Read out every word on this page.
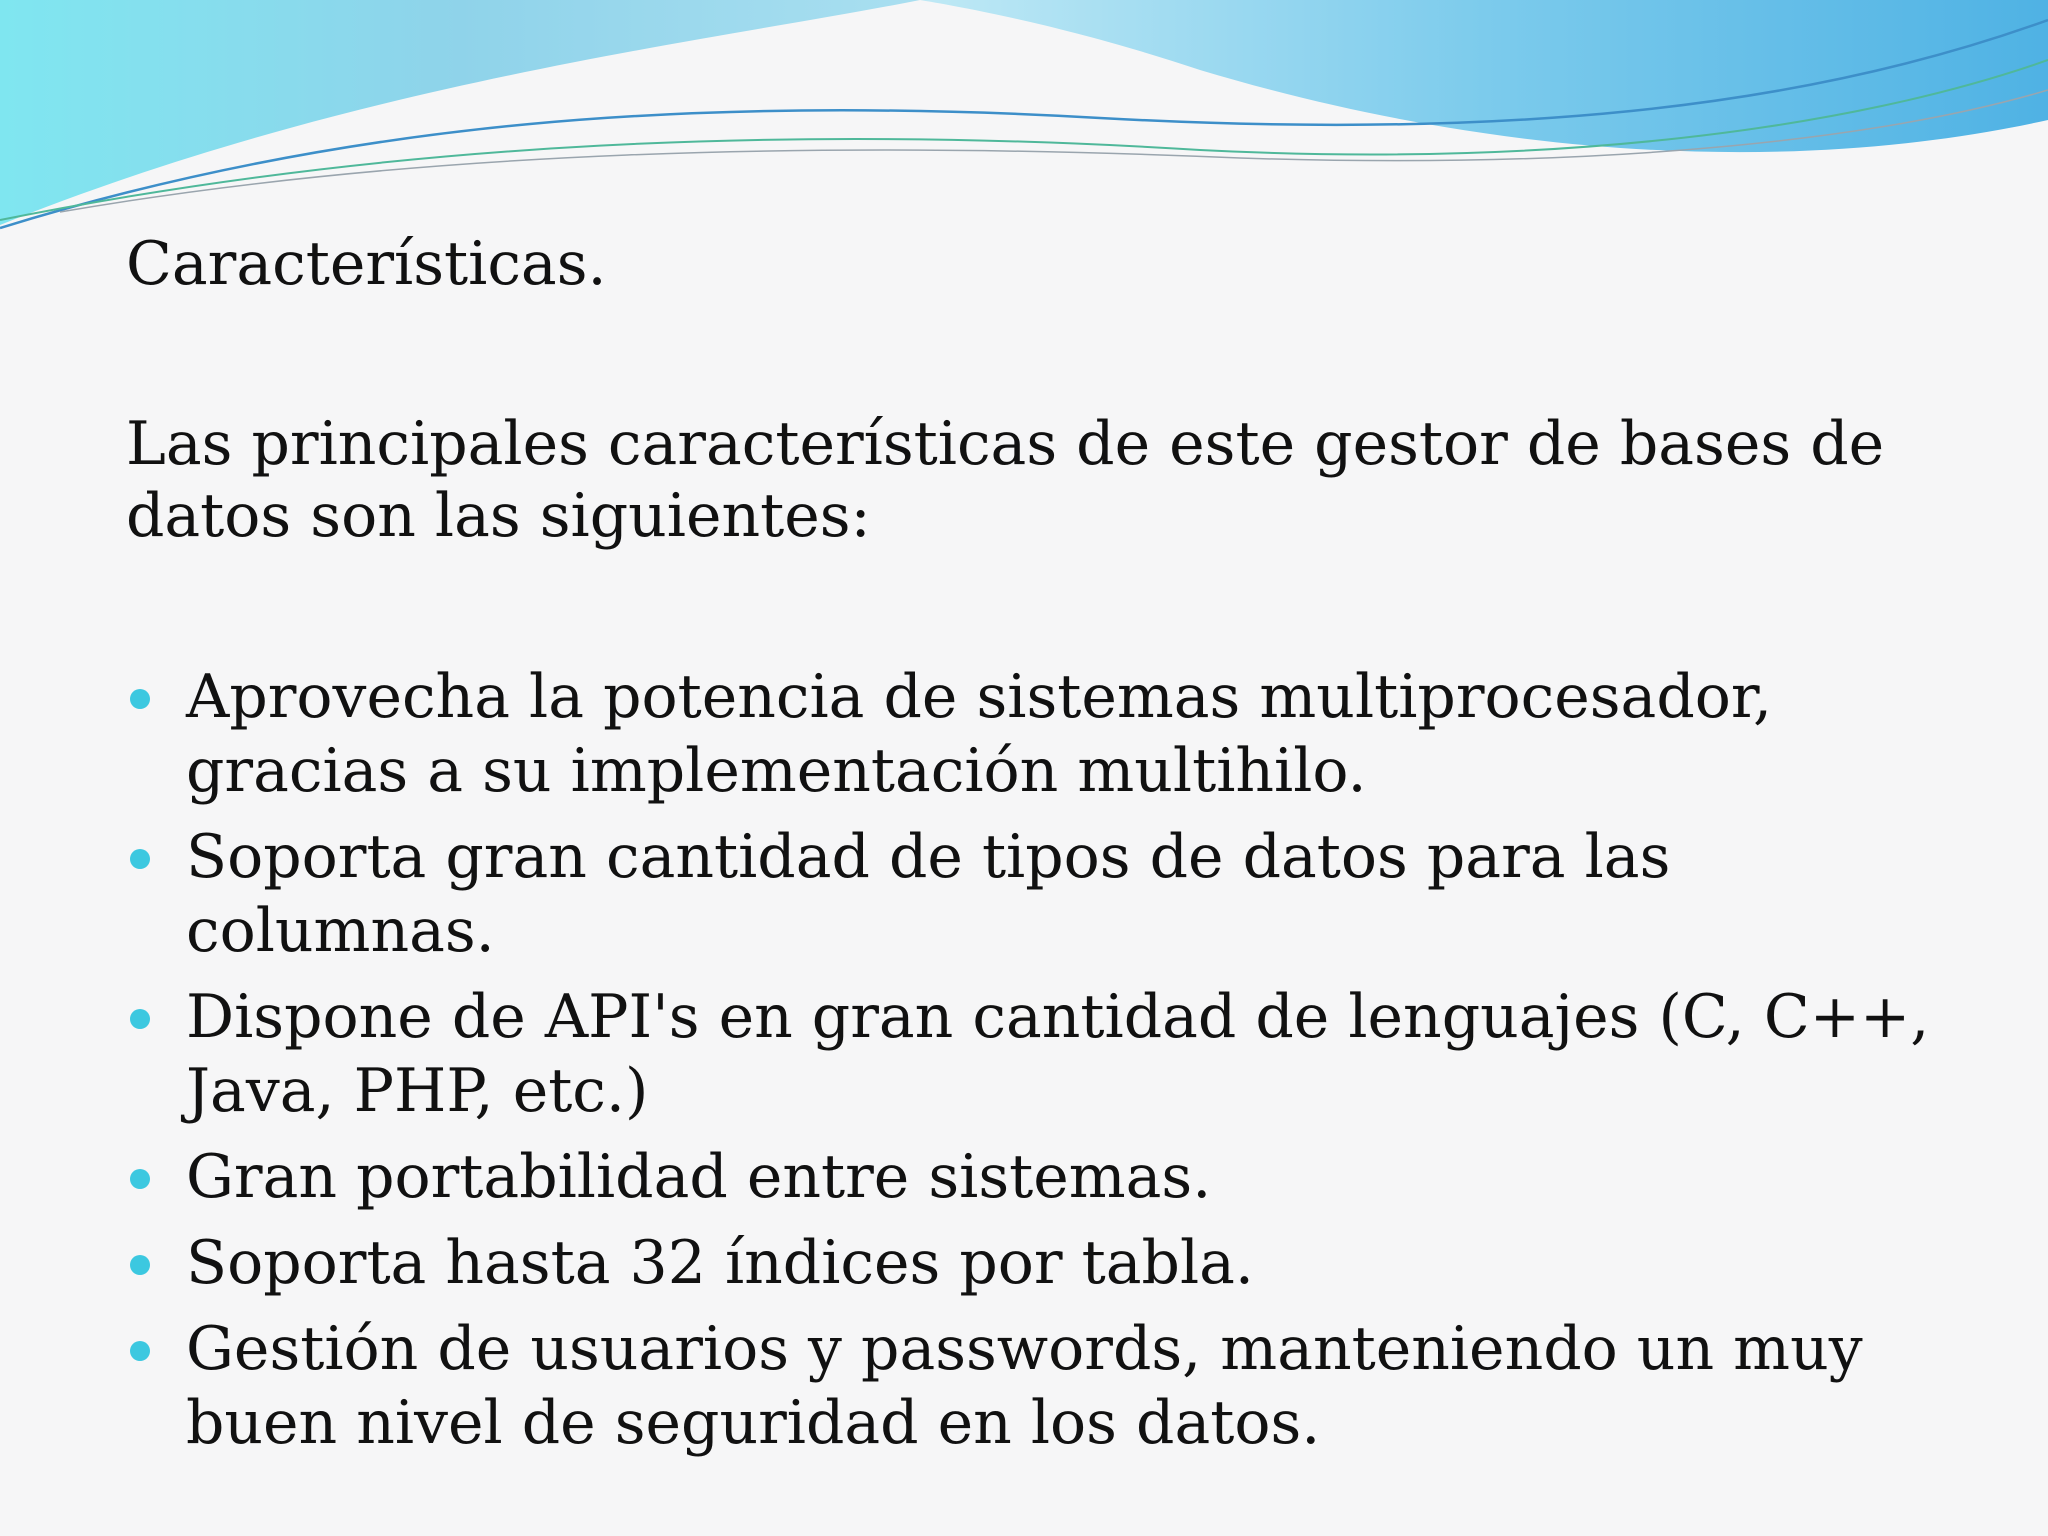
Características.

Las principales características de este gestor de bases de datos son las siguientes:

Aprovecha la potencia de sistemas multiprocesador, gracias a su implementación multihilo.
Soporta gran cantidad de tipos de datos para las columnas.
Dispone de API's en gran cantidad de lenguajes (C, C++, Java, PHP, etc.)
Gran portabilidad entre sistemas.
Soporta hasta 32 índices por tabla.
Gestión de usuarios y passwords, manteniendo un muy buen nivel de seguridad en los datos.
